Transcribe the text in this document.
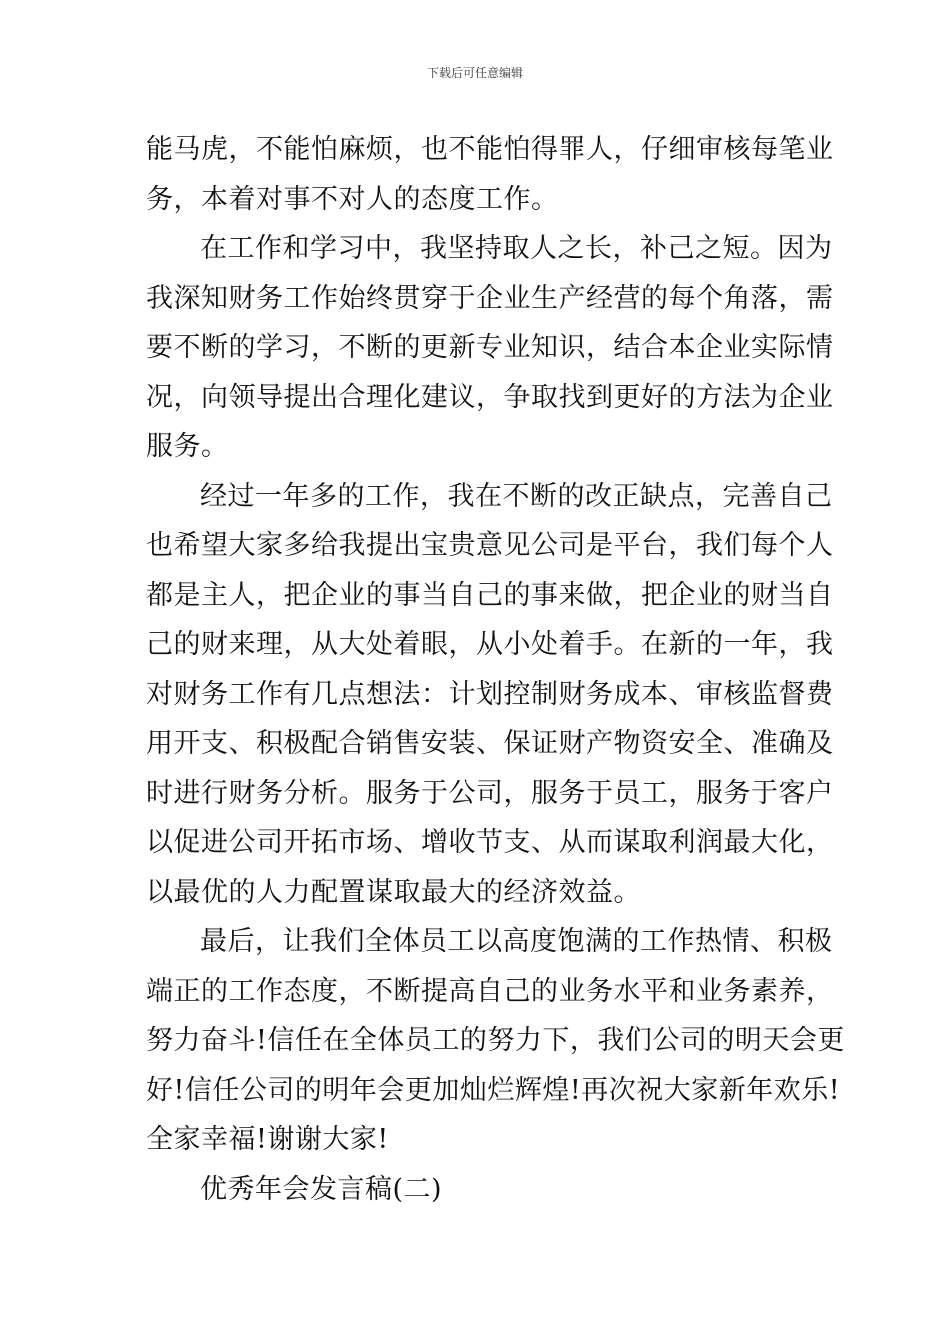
下载后可任意编辑
能马虎，不能怕麻烦，也不能怕得罪人，仔细审核每笔业
务，本着对事不对人的态度工作。
在工作和学习中，我坚持取人之长，补己之短。因为
我深知财务工作始终贯穿于企业生产经营的每个角落，需
要不断的学习，不断的更新专业知识，结合本企业实际情
况，向领导提出合理化建议，争取找到更好的方法为企业
服务。
经过一年多的工作，我在不断的改正缺点，完善自己
也希望大家多给我提出宝贵意见公司是平台，我们每个人
都是主人，把企业的事当自己的事来做，把企业的财当自
己的财来理，从大处着眼，从小处着手。在新的一年，我
对财务工作有几点想法：计划控制财务成本、审核监督费
用开支、积极配合销售安装、保证财产物资安全、准确及
时进行财务分析。服务于公司，服务于员工，服务于客户
以促进公司开拓市场、增收节支、从而谋取利润最大化，
以最优的人力配置谋取最大的经济效益。
最后，让我们全体员工以高度饱满的工作热情、积极
端正的工作态度，不断提高自己的业务水平和业务素养，
努力奋斗!信任在全体员工的努力下，我们公司的明天会更
好!信任公司的明年会更加灿烂辉煌!再次祝大家新年欢乐!
全家幸福!谢谢大家!
优秀年会发言稿(二)
